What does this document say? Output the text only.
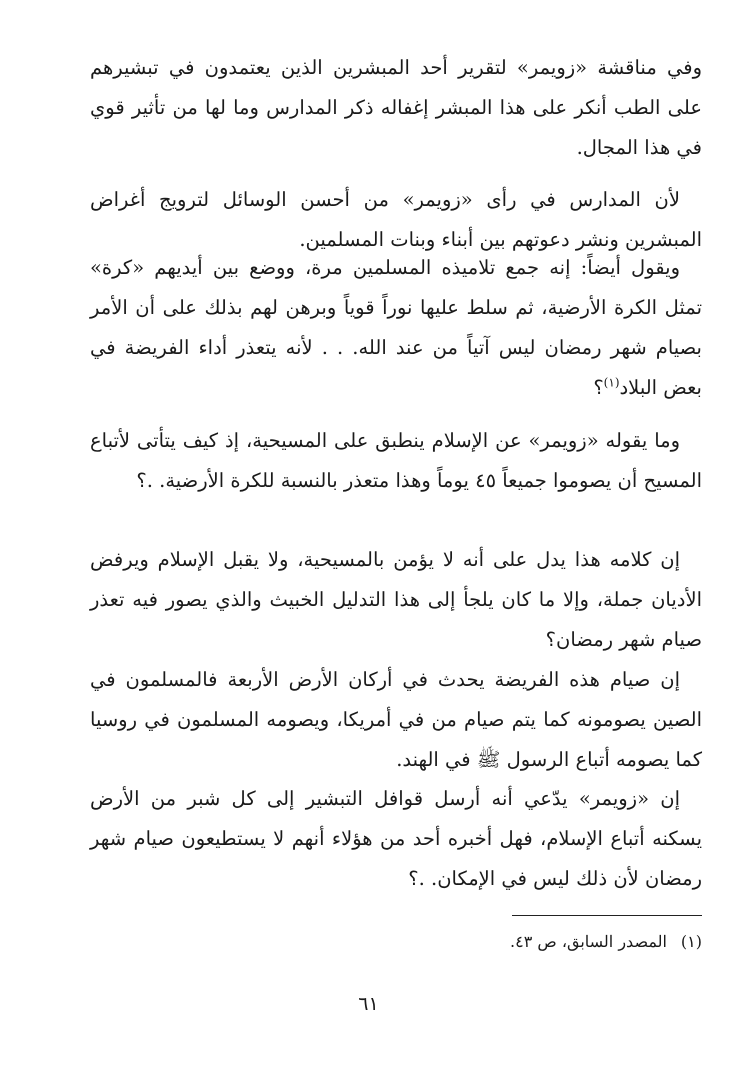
وفي مناقشة «زويمر» لتقرير أحد المبشرين الذين يعتمدون في تبشيرهم على الطب أنكر على هذا المبشر إغفاله ذكر المدارس وما لها من تأثير قوي في هذا المجال.

لأن المدارس في رأى «زويمر» من أحسن الوسائل لترويج أغراض المبشرين ونشر دعوتهم بين أبناء وبنات المسلمين.

ويقول أيضاً: إنه جمع تلاميذه المسلمين مرة، ووضع بين أيديهم «كرة» تمثل الكرة الأرضية، ثم سلط عليها نوراً قوياً وبرهن لهم بذلك على أن الأمر بصيام شهر رمضان ليس آتياً من عند الله. . . لأنه يتعذر أداء الفريضة في بعض البلاد$^{(١)}$؟

وما يقوله «زويمر» عن الإسلام ينطبق على المسيحية، إذ كيف يتأتى لأتباع المسيح أن يصوموا جميعاً ٤٥ يوماً وهذا متعذر بالنسبة للكرة الأرضية. .؟

إن كلامه هذا يدل على أنه لا يؤمن بالمسيحية، ولا يقبل الإسلام ويرفض الأديان جملة، وإلا ما كان يلجأ إلى هذا التدليل الخبيث والذي يصور فيه تعذر صيام شهر رمضان؟

إن صيام هذه الفريضة يحدث في أركان الأرض الأربعة فالمسلمون في الصين يصومونه كما يتم صيام من في أمريكا، ويصومه المسلمون في روسيا كما يصومه أتباع الرسول ﷺ في الهند.

إن «زويمر» يدّعي أنه أرسل قوافل التبشير إلى كل شبر من الأرض يسكنه أتباع الإسلام، فهل أخبره أحد من هؤلاء أنهم لا يستطيعون صيام شهر رمضان لأن ذلك ليس في الإمكان. .؟

(١)المصدر السابق، ص ٤٣.

٦١
